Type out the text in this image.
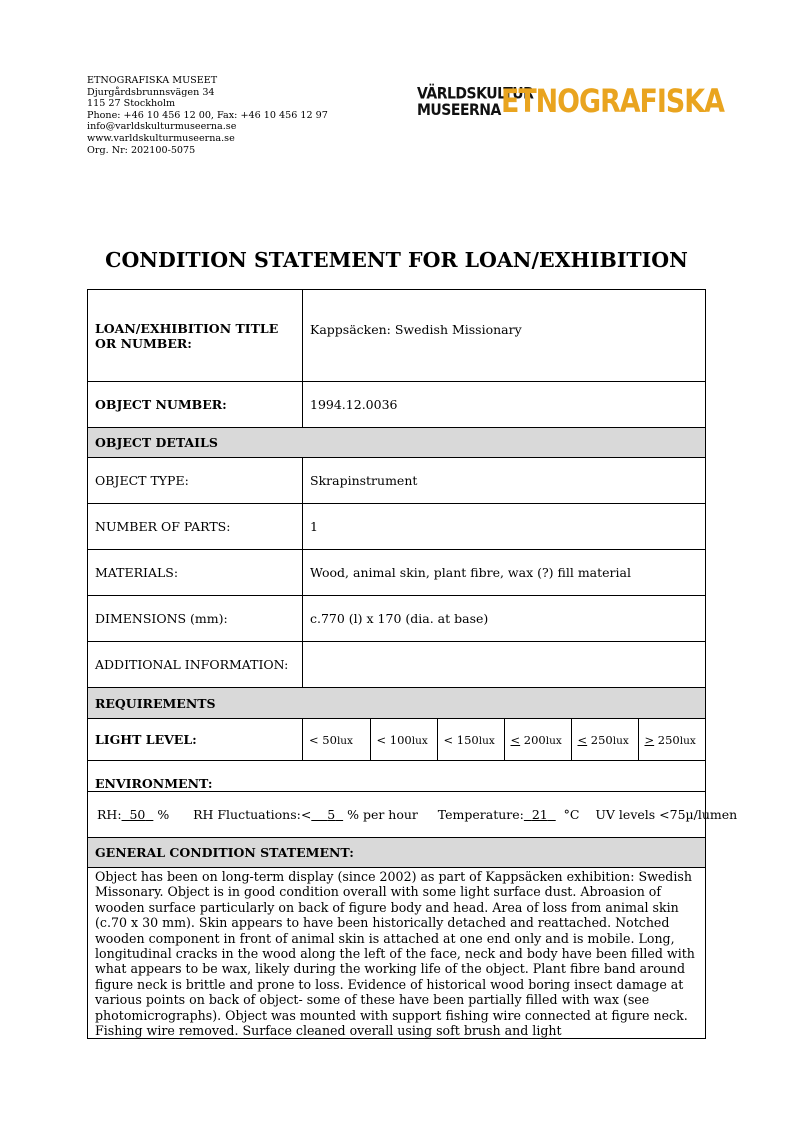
ETNOGRAFISKA MUSEET
Djurgårdsbrunnsvägen 34
115 27 Stockholm
Phone: +46 10 456 12 00, Fax: +46 10 456 12 97
info@varldskulturmuseerna.se
www.varldskulturmuseerna.se
Org. Nr: 202100-5075
VÄRLDSKULTUR
MUSEERNA ETNOGRAFISKA
CONDITION STATEMENT FOR LOAN/EXHIBITION
LOAN/EXHIBITION TITLE OR NUMBER:	Kappsäcken: Swedish Missionary
OBJECT NUMBER:	1994.12.0036
OBJECT DETAILS
OBJECT TYPE:	Skrapinstrument
NUMBER OF PARTS:	1
MATERIALS:	Wood, animal skin, plant fibre, wax (?) fill material
DIMENSIONS (mm):	c.770 (l) x 170 (dia. at base)
ADDITIONAL INFORMATION:	
REQUIREMENTS
LIGHT LEVEL:		< 50lux	< 100lux	< 150lux	< 200lux	< 250lux	> 250lux

ENVIRONMENT:
RH: 50 % RH Fluctuations:< 5 % per hour Temperature: 21 °C UV levels <75µ/lumen
GENERAL CONDITION STATEMENT:
Object has been on long-term display (since 2002) as part of Kappsäcken exhibition: Swedish Missonary. Object is in good condition overall with some light surface dust. Abroasion of wooden surface particularly on back of figure body and head. Area of loss from animal skin (c.70 x 30 mm). Skin appears to have been historically detached and reattached. Notched wooden component in front of animal skin is attached at one end only and is mobile. Long, longitudinal cracks in the wood along the left of the face, neck and body have been filled with what appears to be wax, likely during the working life of the object. Plant fibre band around figure neck is brittle and prone to loss. Evidence of historical wood boring insect damage at various points on back of object- some of these have been partially filled with wax (see photomicrographs). Object was mounted with support fishing wire connected at figure neck. Fishing wire removed. Surface cleaned overall using soft brush and light
